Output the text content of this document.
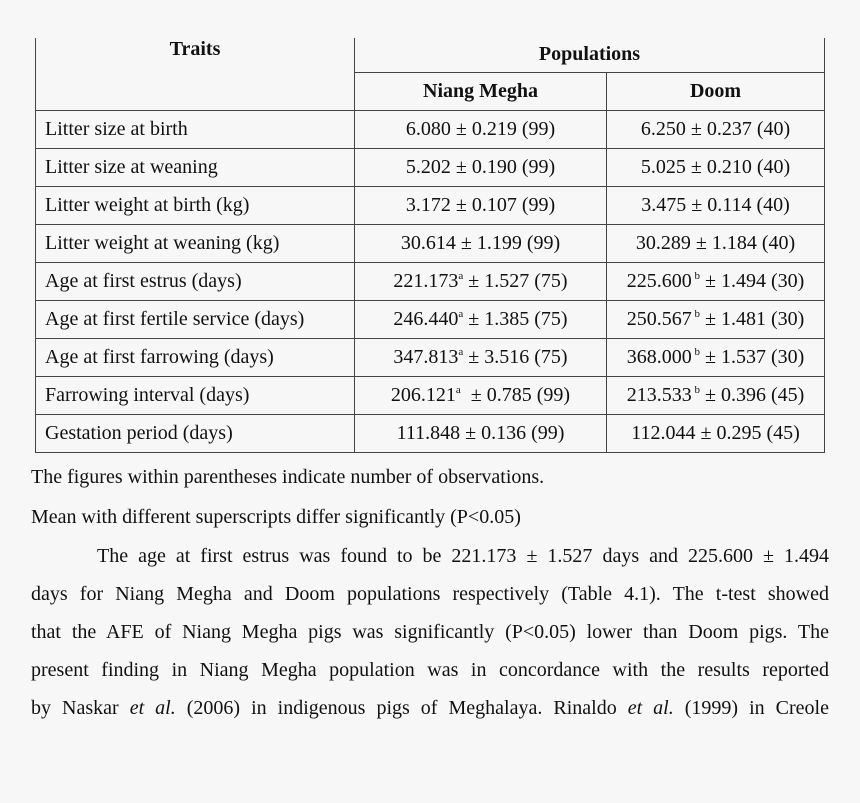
Traits	Populations	
	Niang Megha	Doom
Litter size at birth	6.080 ± 0.219 (99)	6.250 ± 0.237 (40)
Litter size at weaning	5.202 ± 0.190 (99)	5.025 ± 0.210 (40)
Litter weight at birth (kg)	3.172 ± 0.107 (99)	3.475 ± 0.114 (40)
Litter weight at weaning (kg)	30.614 ± 1.199 (99)	30.289 ± 1.184 (40)
Age at first estrus (days)	221.173$^a$ ± 1.527 (75)	225.600 $^b$ ± 1.494 (30)
Age at first fertile service (days)	246.440$^a$ ± 1.385 (75)	250.567 $^b$ ± 1.481 (30)
Age at first farrowing (days)	347.813$^a$ ± 3.516 (75)	368.000 $^b$ ± 1.537 (30)
Farrowing interval (days)	206.121$^a$  ± 0.785 (99)	213.533 $^b$ ± 0.396 (45)
Gestation period (days)	111.848 ± 0.136 (99)	112.044 ± 0.295 (45)

The figures within parentheses indicate number of observations.

Mean with different superscripts differ significantly (P<0.05)

The age at first estrus was found to be 221.173 ± 1.527 days and 225.600 ± 1.494

days for Niang Megha and Doom populations respectively (Table 4.1). The t-test showed

that the AFE of Niang Megha pigs was significantly (P<0.05) lower than Doom pigs. The

present finding in Niang Megha population was in concordance with the results reported

by Naskar et al. (2006) in indigenous pigs of Meghalaya. Rinaldo et al. (1999) in Creole
